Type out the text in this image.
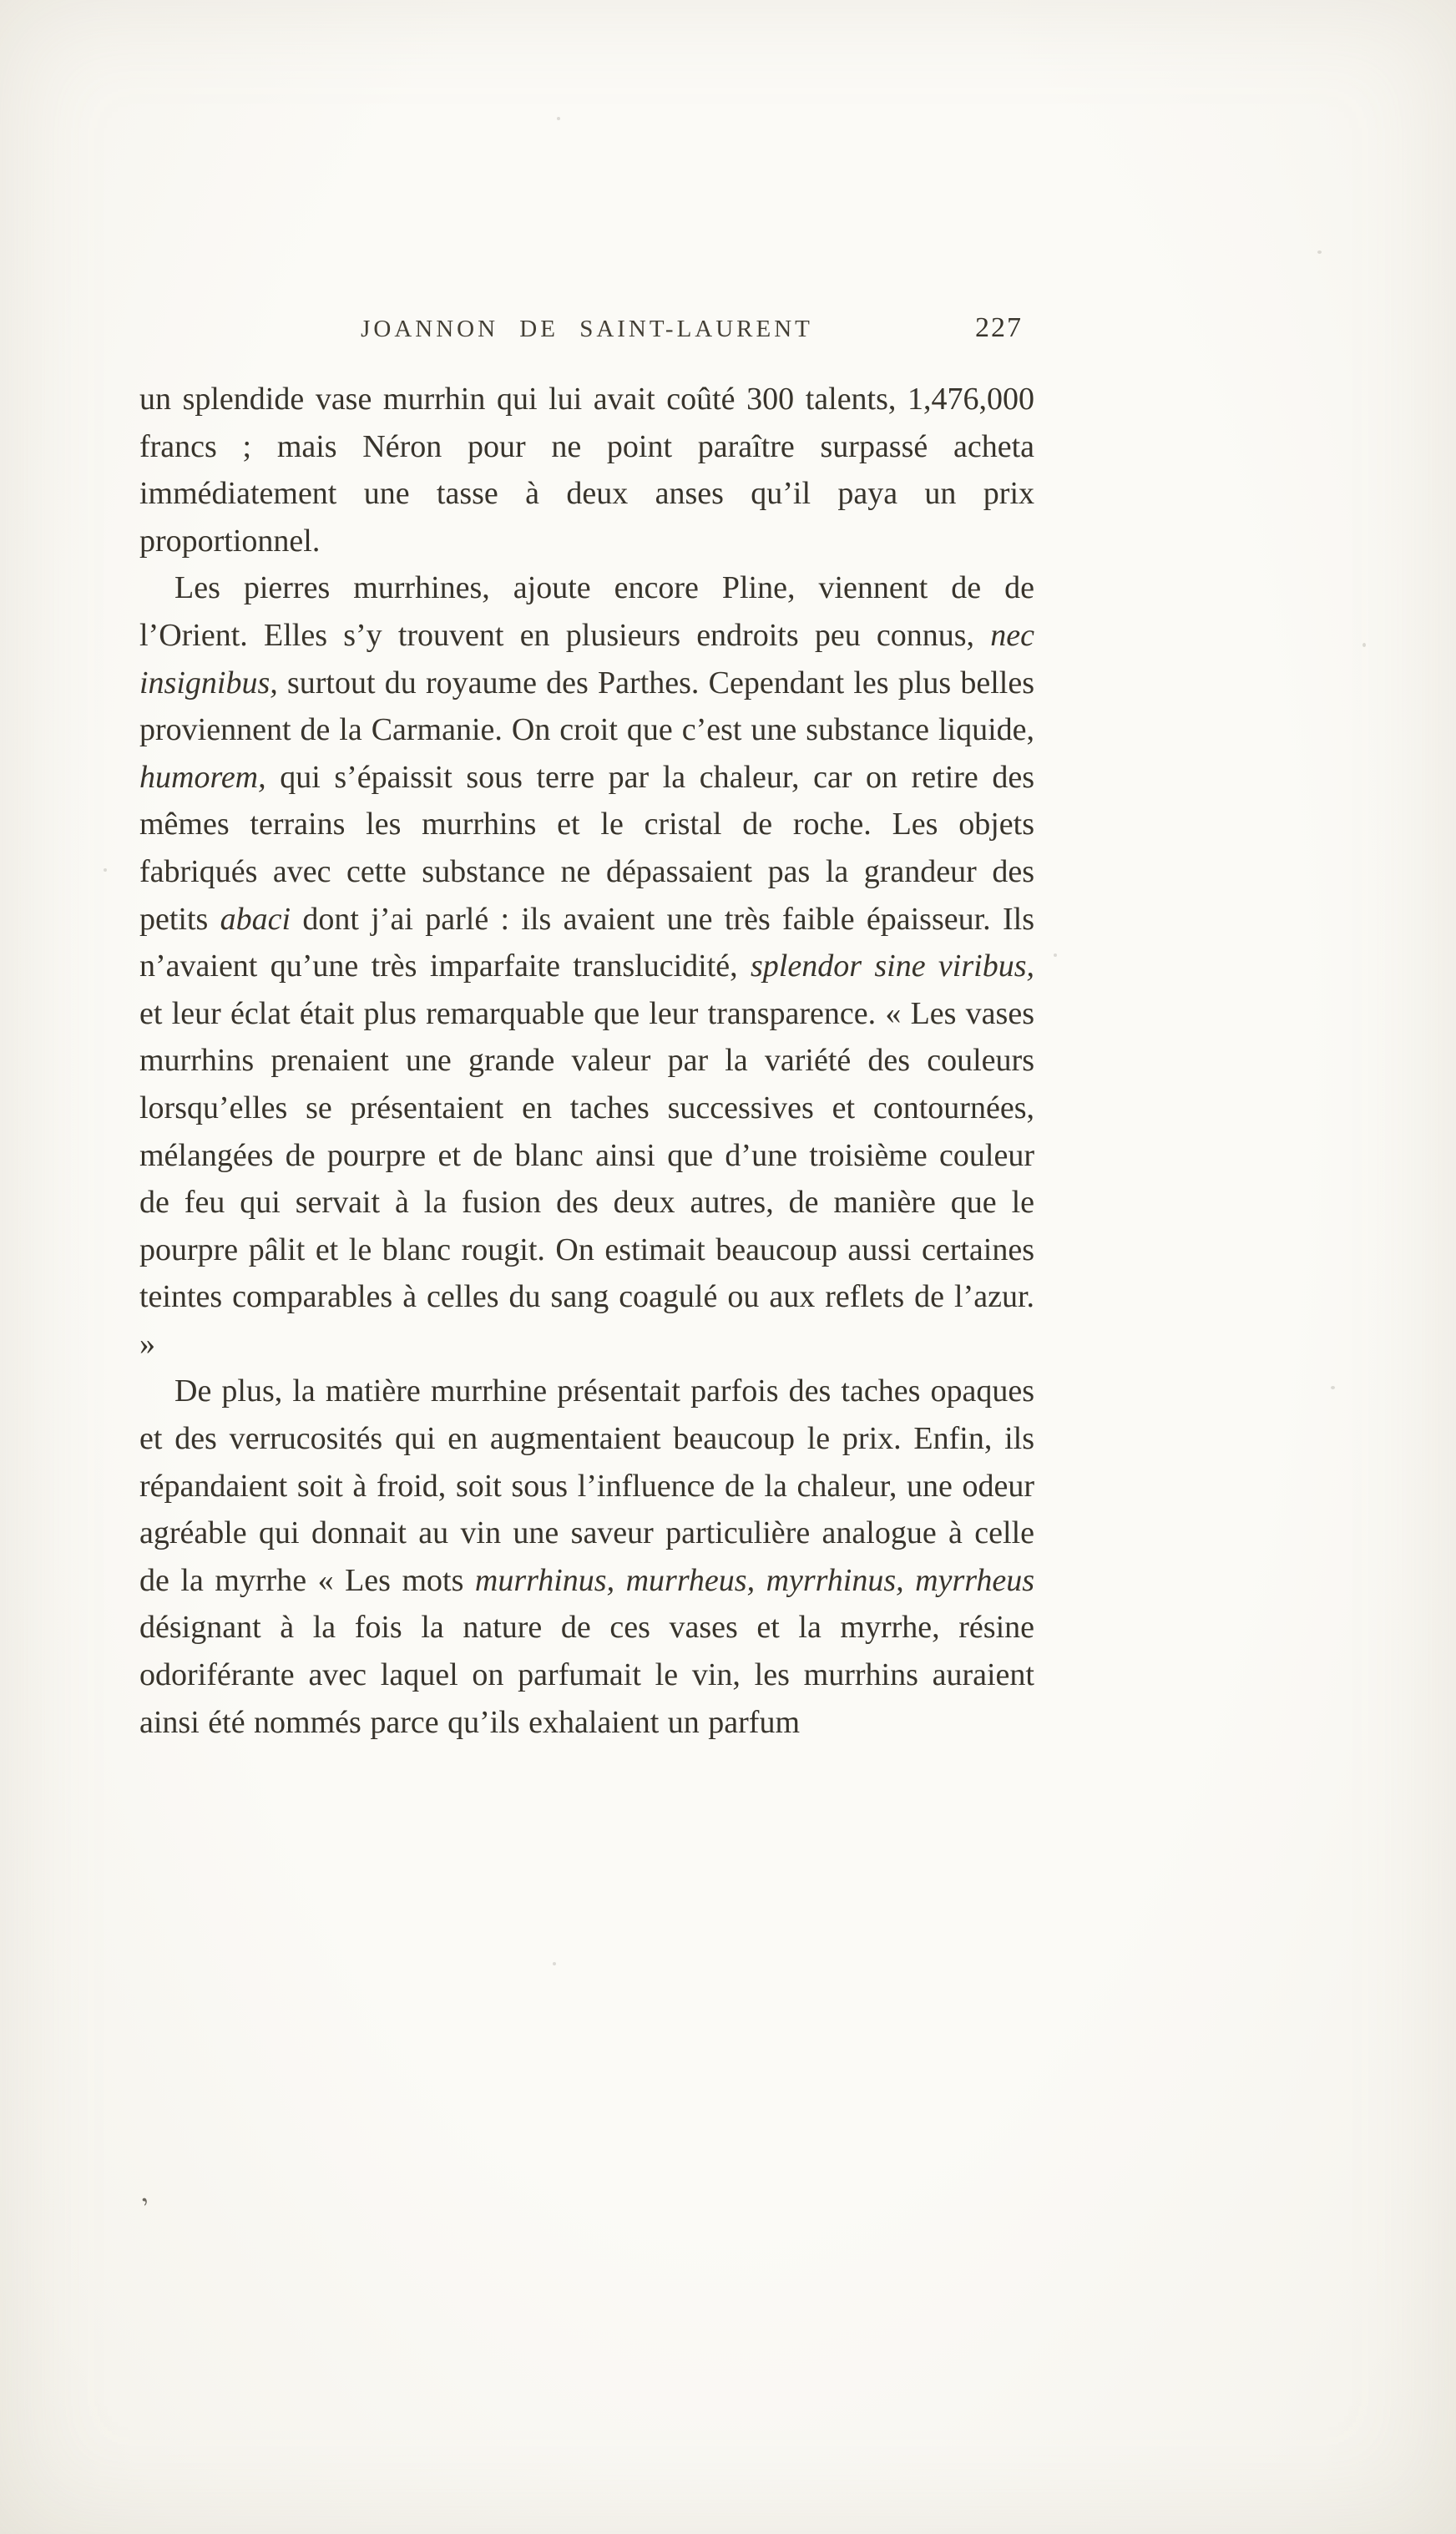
JOANNON DE SAINT-LAURENT	227

un splendide vase murrhin qui lui avait coûté 300 talents, 1,476,000 francs ; mais Néron pour ne point paraître surpassé acheta immédiatement une tasse à deux anses qu’il paya un prix proportionnel.

Les pierres murrhines, ajoute encore Pline, viennent de de l’Orient. Elles s’y trouvent en plusieurs endroits peu connus, nec insignibus, surtout du royaume des Parthes. Cependant les plus belles proviennent de la Carmanie. On croit que c’est une substance liquide, humorem, qui s’épaissit sous terre par la chaleur, car on retire des mêmes terrains les murrhins et le cristal de roche. Les objets fabriqués avec cette substance ne dépassaient pas la grandeur des petits abaci dont j’ai parlé : ils avaient une très faible épaisseur. Ils n’avaient qu’une très imparfaite translucidité, splendor sine viribus, et leur éclat était plus remarquable que leur transparence. « Les vases murrhins prenaient une grande valeur par la variété des couleurs lorsqu’elles se présentaient en taches successives et contournées, mélangées de pourpre et de blanc ainsi que d’une troisième couleur de feu qui servait à la fusion des deux autres, de manière que le pourpre pâlit et le blanc rougit. On estimait beaucoup aussi certaines teintes comparables à celles du sang coagulé ou aux reflets de l’azur. »

De plus, la matière murrhine présentait parfois des taches opaques et des verrucosités qui en augmentaient beaucoup le prix. Enfin, ils répandaient soit à froid, soit sous l’influence de la chaleur, une odeur agréable qui donnait au vin une saveur particulière analogue à celle de la myrrhe « Les mots murrhinus, murrheus, myrrhinus, myrrheus désignant à la fois la nature de ces vases et la myrrhe, résine odoriférante avec laquel on parfumait le vin, les murrhins auraient ainsi été nommés parce qu’ils exhalaient un parfum

’
